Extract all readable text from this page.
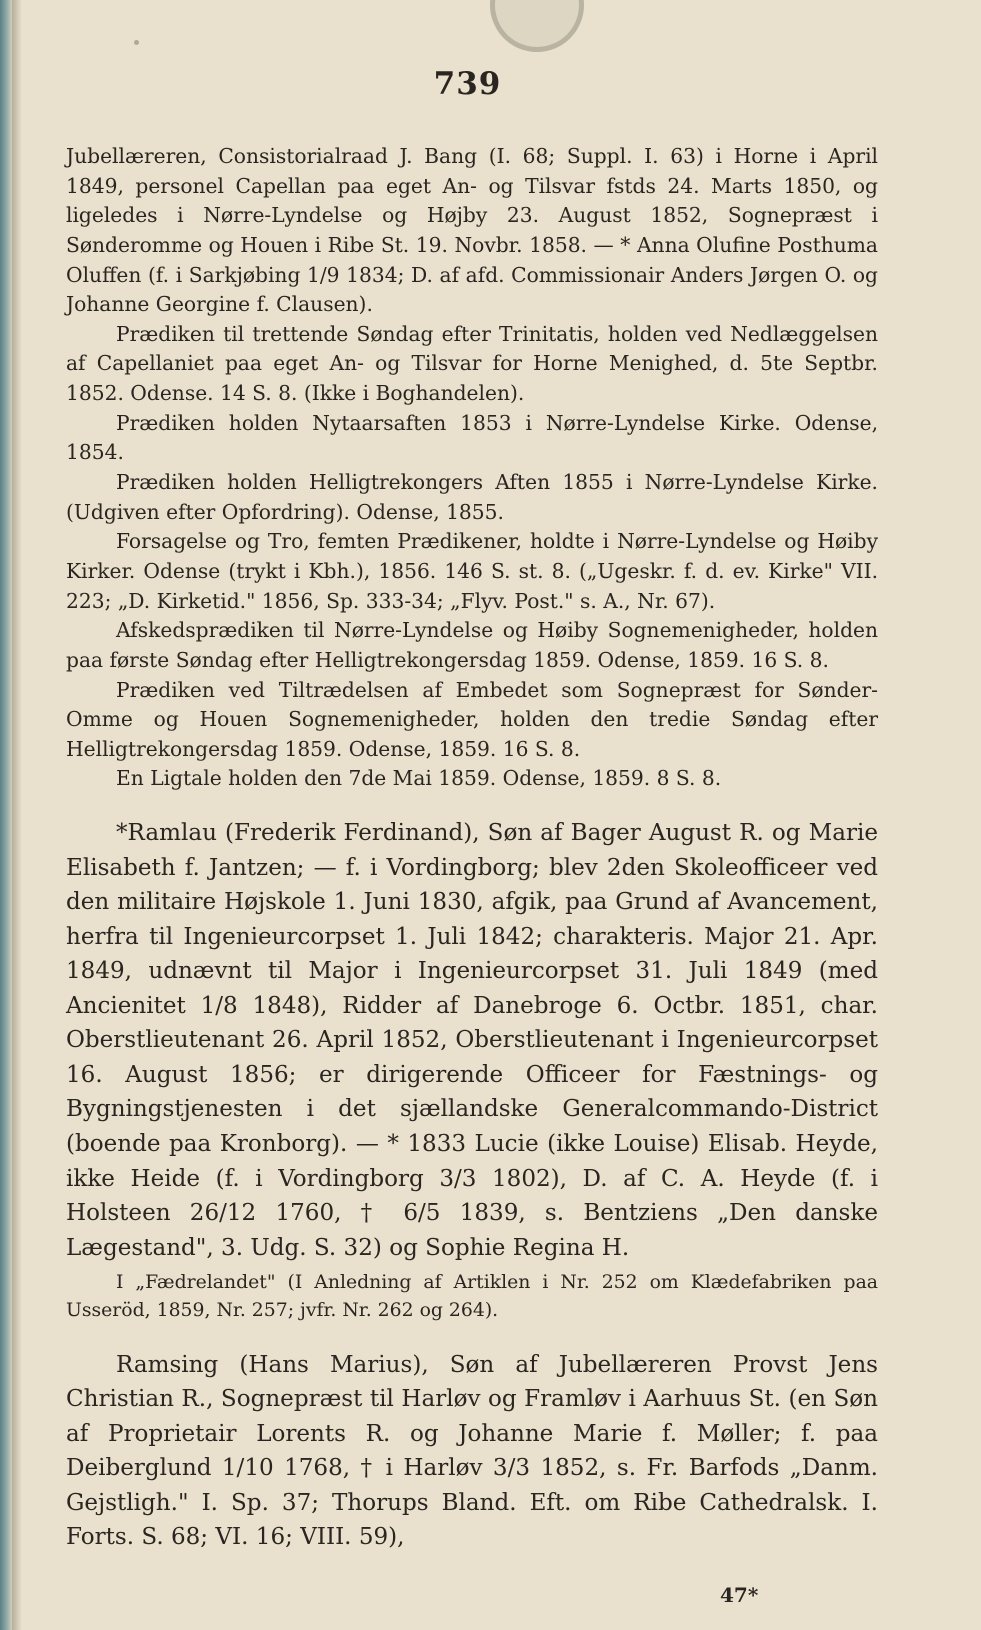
739

Jubellæreren, Consistorialraad J. Bang (I. 68; Suppl. I. 63) i Horne i April 1849, personel Capellan paa eget An- og Tilsvar fstds 24. Marts 1850, og ligeledes i Nørre-Lyndelse og Højby 23. August 1852, Sognepræst i Sønderomme og Houen i Ribe St. 19. Novbr. 1858. — * Anna Olufine Posthuma Oluffen (f. i Sarkjøbing 1/9 1834; D. af afd. Commissionair Anders Jørgen O. og Johanne Georgine f. Clausen).

Prædiken til trettende Søndag efter Trinitatis, holden ved Nedlæggelsen af Capellaniet paa eget An- og Tilsvar for Horne Menighed, d. 5te Septbr. 1852. Odense. 14 S. 8. (Ikke i Boghandelen).

Prædiken holden Nytaarsaften 1853 i Nørre-Lyndelse Kirke. Odense, 1854.

Prædiken holden Helligtrekongers Aften 1855 i Nørre-Lyndelse Kirke. (Udgiven efter Opfordring). Odense, 1855.

Forsagelse og Tro, femten Prædikener, holdte i Nørre-Lyndelse og Høiby Kirker. Odense (trykt i Kbh.), 1856. 146 S. st. 8. („Ugeskr. f. d. ev. Kirke" VII. 223; „D. Kirketid." 1856, Sp. 333-34; „Flyv. Post." s. A., Nr. 67).

Afskedsprædiken til Nørre-Lyndelse og Høiby Sognemenigheder, holden paa første Søndag efter Helligtrekongersdag 1859. Odense, 1859. 16 S. 8.

Prædiken ved Tiltrædelsen af Embedet som Sognepræst for Sønder-Omme og Houen Sognemenigheder, holden den tredie Søndag efter Helligtrekongersdag 1859. Odense, 1859. 16 S. 8.

En Ligtale holden den 7de Mai 1859. Odense, 1859. 8 S. 8.

*Ramlau (Frederik Ferdinand), Søn af Bager August R. og Marie Elisabeth f. Jantzen; — f. i Vordingborg; blev 2den Skoleofficeer ved den militaire Højskole 1. Juni 1830, afgik, paa Grund af Avancement, herfra til Ingenieurcorpset 1. Juli 1842; charakteris. Major 21. Apr. 1849, udnævnt til Major i Ingenieurcorpset 31. Juli 1849 (med Ancienitet 1/8 1848), Ridder af Danebroge 6. Octbr. 1851, char. Oberstlieutenant 26. April 1852, Oberstlieutenant i Ingenieurcorpset 16. August 1856; er dirigerende Officeer for Fæstnings- og Bygningstjenesten i det sjællandske Generalcommando-District (boende paa Kronborg). — * 1833 Lucie (ikke Louise) Elisab. Heyde, ikke Heide (f. i Vordingborg 3/3 1802), D. af C. A. Heyde (f. i Holsteen 26/12 1760, † 6/5 1839, s. Bentziens „Den danske Lægestand", 3. Udg. S. 32) og Sophie Regina H.

I „Fædrelandet" (I Anledning af Artiklen i Nr. 252 om Klædefabriken paa Usseröd, 1859, Nr. 257; jvfr. Nr. 262 og 264).

Ramsing (Hans Marius), Søn af Jubellæreren Provst Jens Christian R., Sognepræst til Harløv og Framløv i Aarhuus St. (en Søn af Proprietair Lorents R. og Johanne Marie f. Møller; f. paa Deiberglund 1/10 1768, † i Harløv 3/3 1852, s. Fr. Barfods „Danm. Gejstligh." I. Sp. 37; Thorups Bland. Eft. om Ribe Cathedralsk. I. Forts. S. 68; VI. 16; VIII. 59),

47*
